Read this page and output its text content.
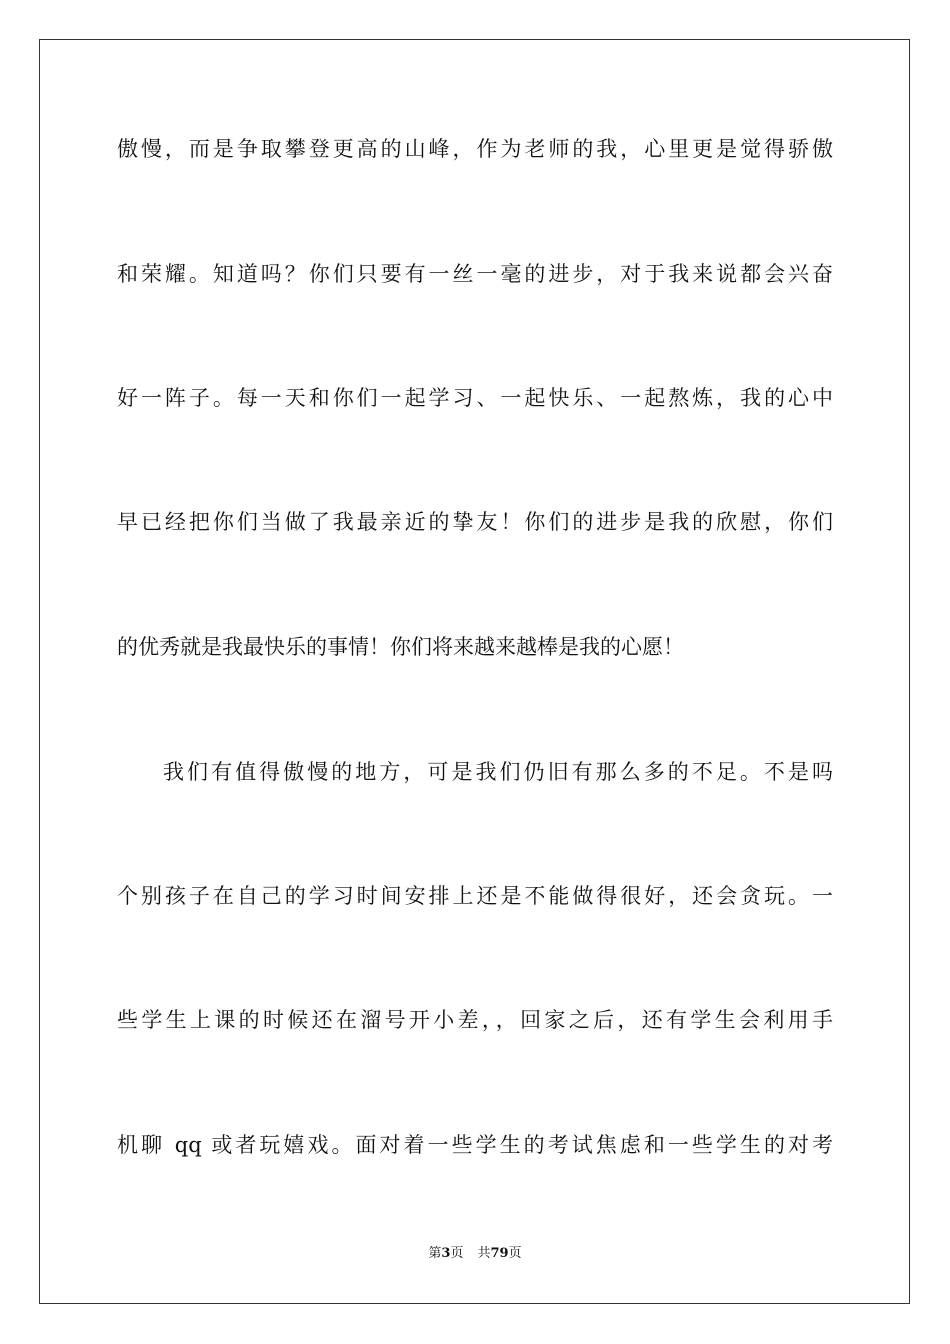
傲慢，而是争取攀登更高的山峰，作为老师的我，心里更是觉得骄傲
和荣耀。知道吗？你们只要有一丝一毫的进步，对于我来说都会兴奋
好一阵子。每一天和你们一起学习、一起快乐、一起熬炼，我的心中
早已经把你们当做了我最亲近的挚友！你们的进步是我的欣慰，你们
的优秀就是我最快乐的事情！你们将来越来越棒是我的心愿！
我们有值得傲慢的地方，可是我们仍旧有那么多的不足。不是吗
个别孩子在自己的学习时间安排上还是不能做得很好，还会贪玩。一
些学生上课的时候还在溜号开小差，，回家之后，还有学生会利用手
机聊 qq 或者玩嬉戏。面对着一些学生的考试焦虑和一些学生的对考
第3页 共79页
